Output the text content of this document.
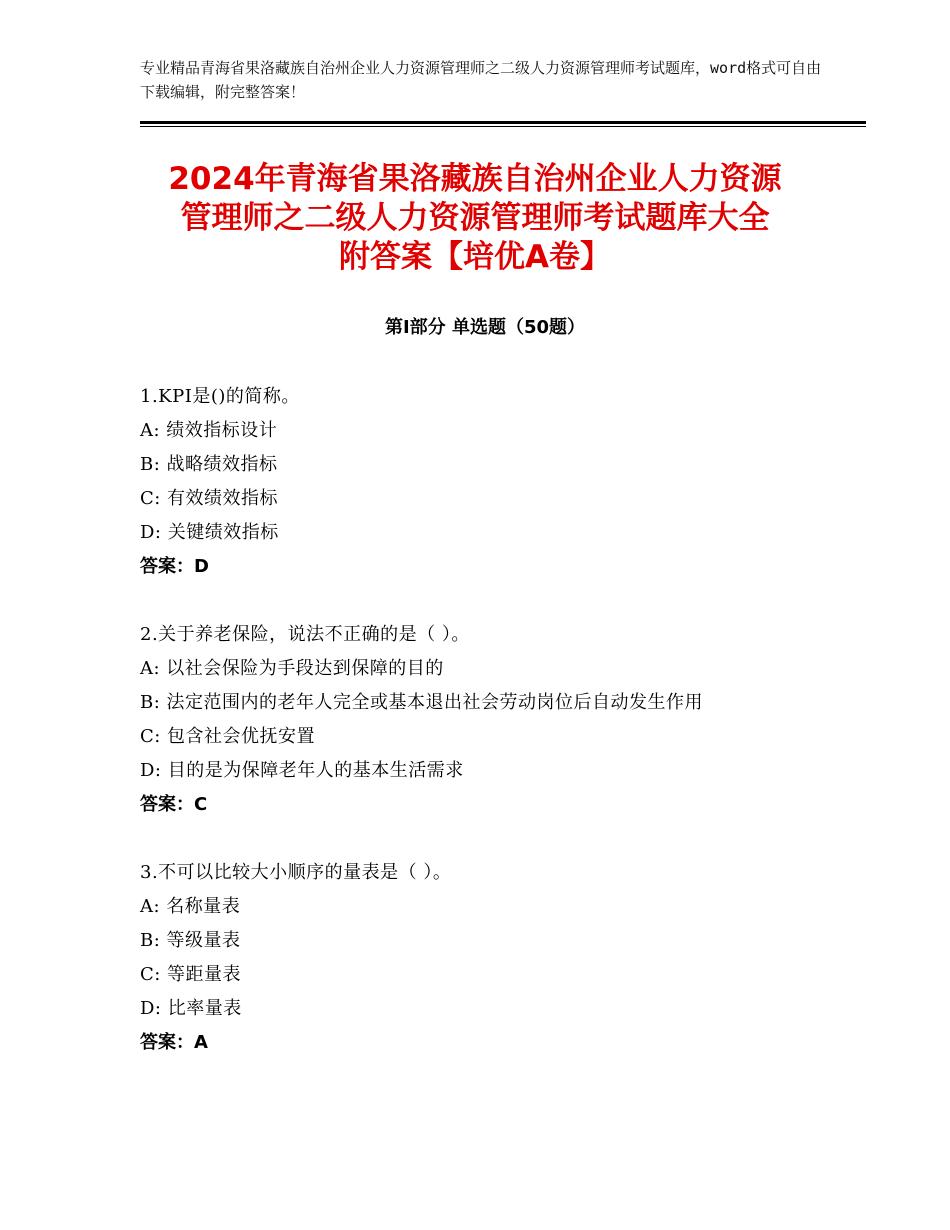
专业精品青海省果洛藏族自治州企业人力资源管理师之二级人力资源管理师考试题库，word格式可自由下载编辑，附完整答案！
2024年青海省果洛藏族自治州企业人力资源
管理师之二级人力资源管理师考试题库大全
附答案【培优A卷】
第Ⅰ部分 单选题（50题）
1.KPI是()的简称。
A: 绩效指标设计
B: 战略绩效指标
C: 有效绩效指标
D: 关键绩效指标
答案：D
2.关于养老保险，说法不正确的是（ ）。
A: 以社会保险为手段达到保障的目的
B: 法定范围内的老年人完全或基本退出社会劳动岗位后自动发生作用
C: 包含社会优抚安置
D: 目的是为保障老年人的基本生活需求
答案：C
3.不可以比较大小顺序的量表是（ ）。
A: 名称量表
B: 等级量表
C: 等距量表
D: 比率量表
答案：A
